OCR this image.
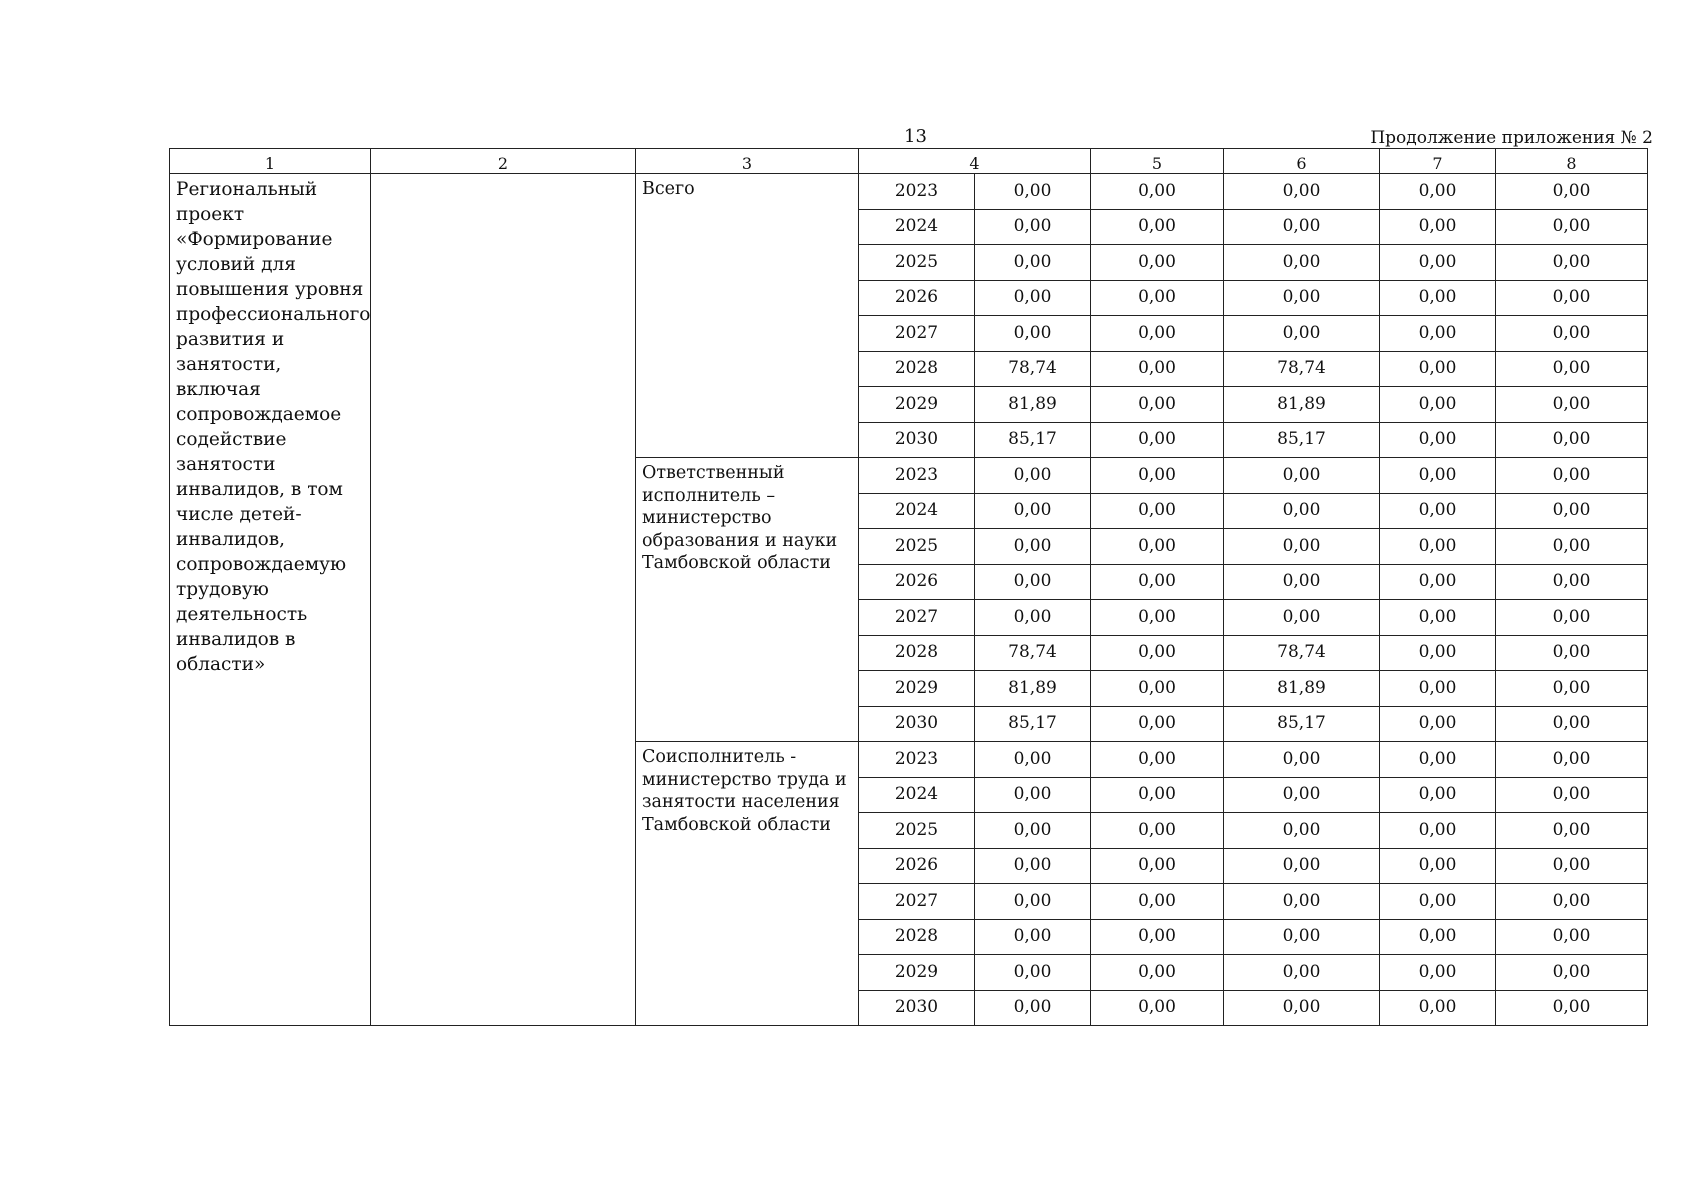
13	Продолжение приложения № 2
1	2	3	4		5	6	7	8
Региональный проект «Формирование условий для повышения уровня профессионального развития и занятости, включая сопровождаемое содействие занятости инвалидов, в том числе детей-инвалидов, сопровождаемую трудовую деятельность инвалидов в области»		Всего	2023	0,00	0,00	0,00	0,00	0,00
			2024	0,00	0,00	0,00	0,00	0,00
			2025	0,00	0,00	0,00	0,00	0,00
			2026	0,00	0,00	0,00	0,00	0,00
			2027	0,00	0,00	0,00	0,00	0,00
			2028	78,74	0,00	78,74	0,00	0,00
			2029	81,89	0,00	81,89	0,00	0,00
			2030	85,17	0,00	85,17	0,00	0,00
		Ответственный исполнитель – министерство образования и науки Тамбовской области	2023	0,00	0,00	0,00	0,00	0,00
			2024	0,00	0,00	0,00	0,00	0,00
			2025	0,00	0,00	0,00	0,00	0,00
			2026	0,00	0,00	0,00	0,00	0,00
			2027	0,00	0,00	0,00	0,00	0,00
			2028	78,74	0,00	78,74	0,00	0,00
			2029	81,89	0,00	81,89	0,00	0,00
			2030	85,17	0,00	85,17	0,00	0,00
		Соисполнитель - министерство труда и занятости населения Тамбовской области	2023	0,00	0,00	0,00	0,00	0,00
			2024	0,00	0,00	0,00	0,00	0,00
			2025	0,00	0,00	0,00	0,00	0,00
			2026	0,00	0,00	0,00	0,00	0,00
			2027	0,00	0,00	0,00	0,00	0,00
			2028	0,00	0,00	0,00	0,00	0,00
			2029	0,00	0,00	0,00	0,00	0,00
			2030	0,00	0,00	0,00	0,00	0,00
